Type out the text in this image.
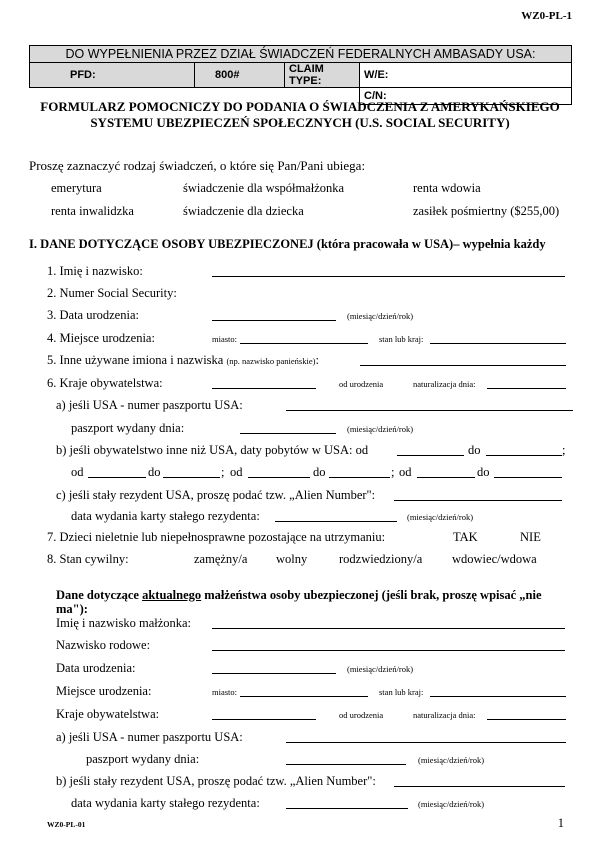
WZ0-PL-1
DO WYPEŁNIENIA PRZEZ DZIAŁ ŚWIADCZEŃ FEDERALNYCH AMBASADY USA:			
PFD:	800#	CLAIM TYPE:	W/E:
			C/N:
FORMULARZ POMOCNICZY DO PODANIA O ŚWIADCZENIA Z AMERYKAŃSKIEGO
SYSTEMU UBEZPIECZEŃ SPOŁECZNYCH (U.S. SOCIAL SECURITY)
Proszę zaznaczyć rodzaj świadczeń, o które się Pan/Pani ubiega:
emerytura	świadczenie dla współmałżonka	renta wdowia
renta inwalidzka	świadczenie dla dziecka	zasiłek pośmiertny ($255,00)
I. DANE DOTYCZĄCE OSOBY UBEZPIECZONEJ (która pracowała w USA)– wypełnia każdy
1. Imię i nazwisko:
2. Numer Social Security:
3. Data urodzenia:	(miesiąc/dzień/rok)
4. Miejsce urodzenia:	miasto:	stan lub kraj:
5. Inne używane imiona i nazwiska (np. nazwisko panieńskie):
6. Kraje obywatelstwa:	od urodzenia	naturalizacja dnia:
a) jeśli USA - numer paszportu USA:
paszport wydany dnia:	(miesiąc/dzień/rok)
b) jeśli obywatelstwo inne niż USA, daty pobytów w USA: od	do	;
od	do	; od	do	; od	do
c) jeśli stały rezydent USA, proszę podać tzw. „Alien Number":
data wydania karty stałego rezydenta:	(miesiąc/dzień/rok)
7. Dzieci nieletnie lub niepełnosprawne pozostające na utrzymaniu:	TAK	NIE
8. Stan cywilny:	zamężny/a wolny	rodzwiedziony/a wdowiec/wdowa
Dane dotyczące aktualnego małżeństwa osoby ubezpieczonej (jeśli brak, proszę wpisać „nie
ma"):
Imię i nazwisko małżonka:
Nazwisko rodowe:
Data urodzenia:	(miesiąc/dzień/rok)
Miejsce urodzenia:	miasto:	stan lub kraj:
Kraje obywatelstwa:	od urodzenia	naturalizacja dnia:
a) jeśli USA - numer paszportu USA:
paszport wydany dnia:	(miesiąc/dzień/rok)
b) jeśli stały rezydent USA, proszę podać tzw. „Alien Number":
data wydania karty stałego rezydenta:	(miesiąc/dzień/rok)
WZ0-PL-01	1
